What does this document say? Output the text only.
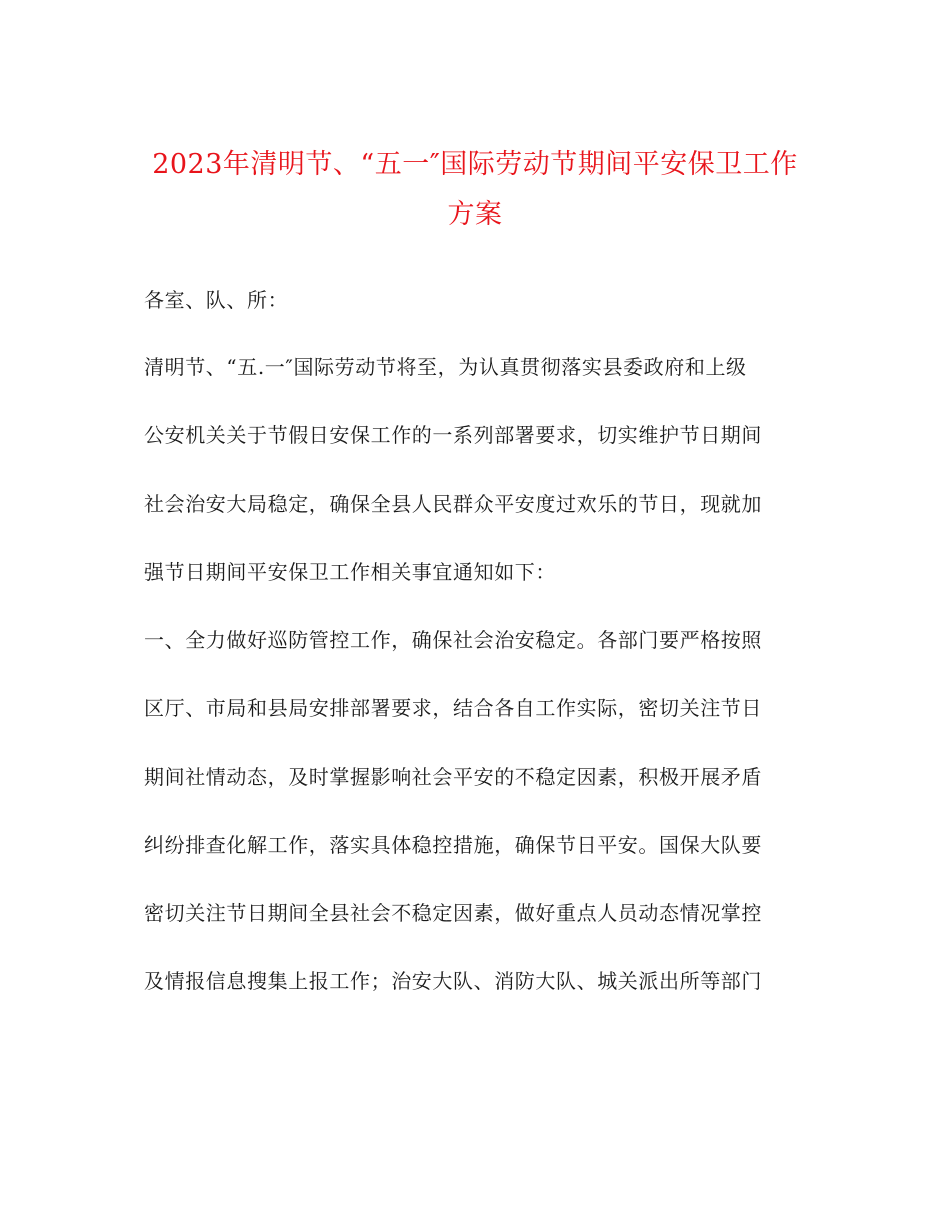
2023年清明节、“五一″国际劳动节期间平安保卫工作
方案
各室、队、所：
清明节、“五.一″国际劳动节将至，为认真贯彻落实县委政府和上级
公安机关关于节假日安保工作的一系列部署要求，切实维护节日期间
社会治安大局稳定，确保全县人民群众平安度过欢乐的节日，现就加
强节日期间平安保卫工作相关事宜通知如下：
一、全力做好巡防管控工作，确保社会治安稳定。各部门要严格按照
区厅、市局和县局安排部署要求，结合各自工作实际，密切关注节日
期间社情动态，及时掌握影响社会平安的不稳定因素，积极开展矛盾
纠纷排查化解工作，落实具体稳控措施，确保节日平安。国保大队要
密切关注节日期间全县社会不稳定因素，做好重点人员动态情况掌控
及情报信息搜集上报工作；治安大队、消防大队、城关派出所等部门
